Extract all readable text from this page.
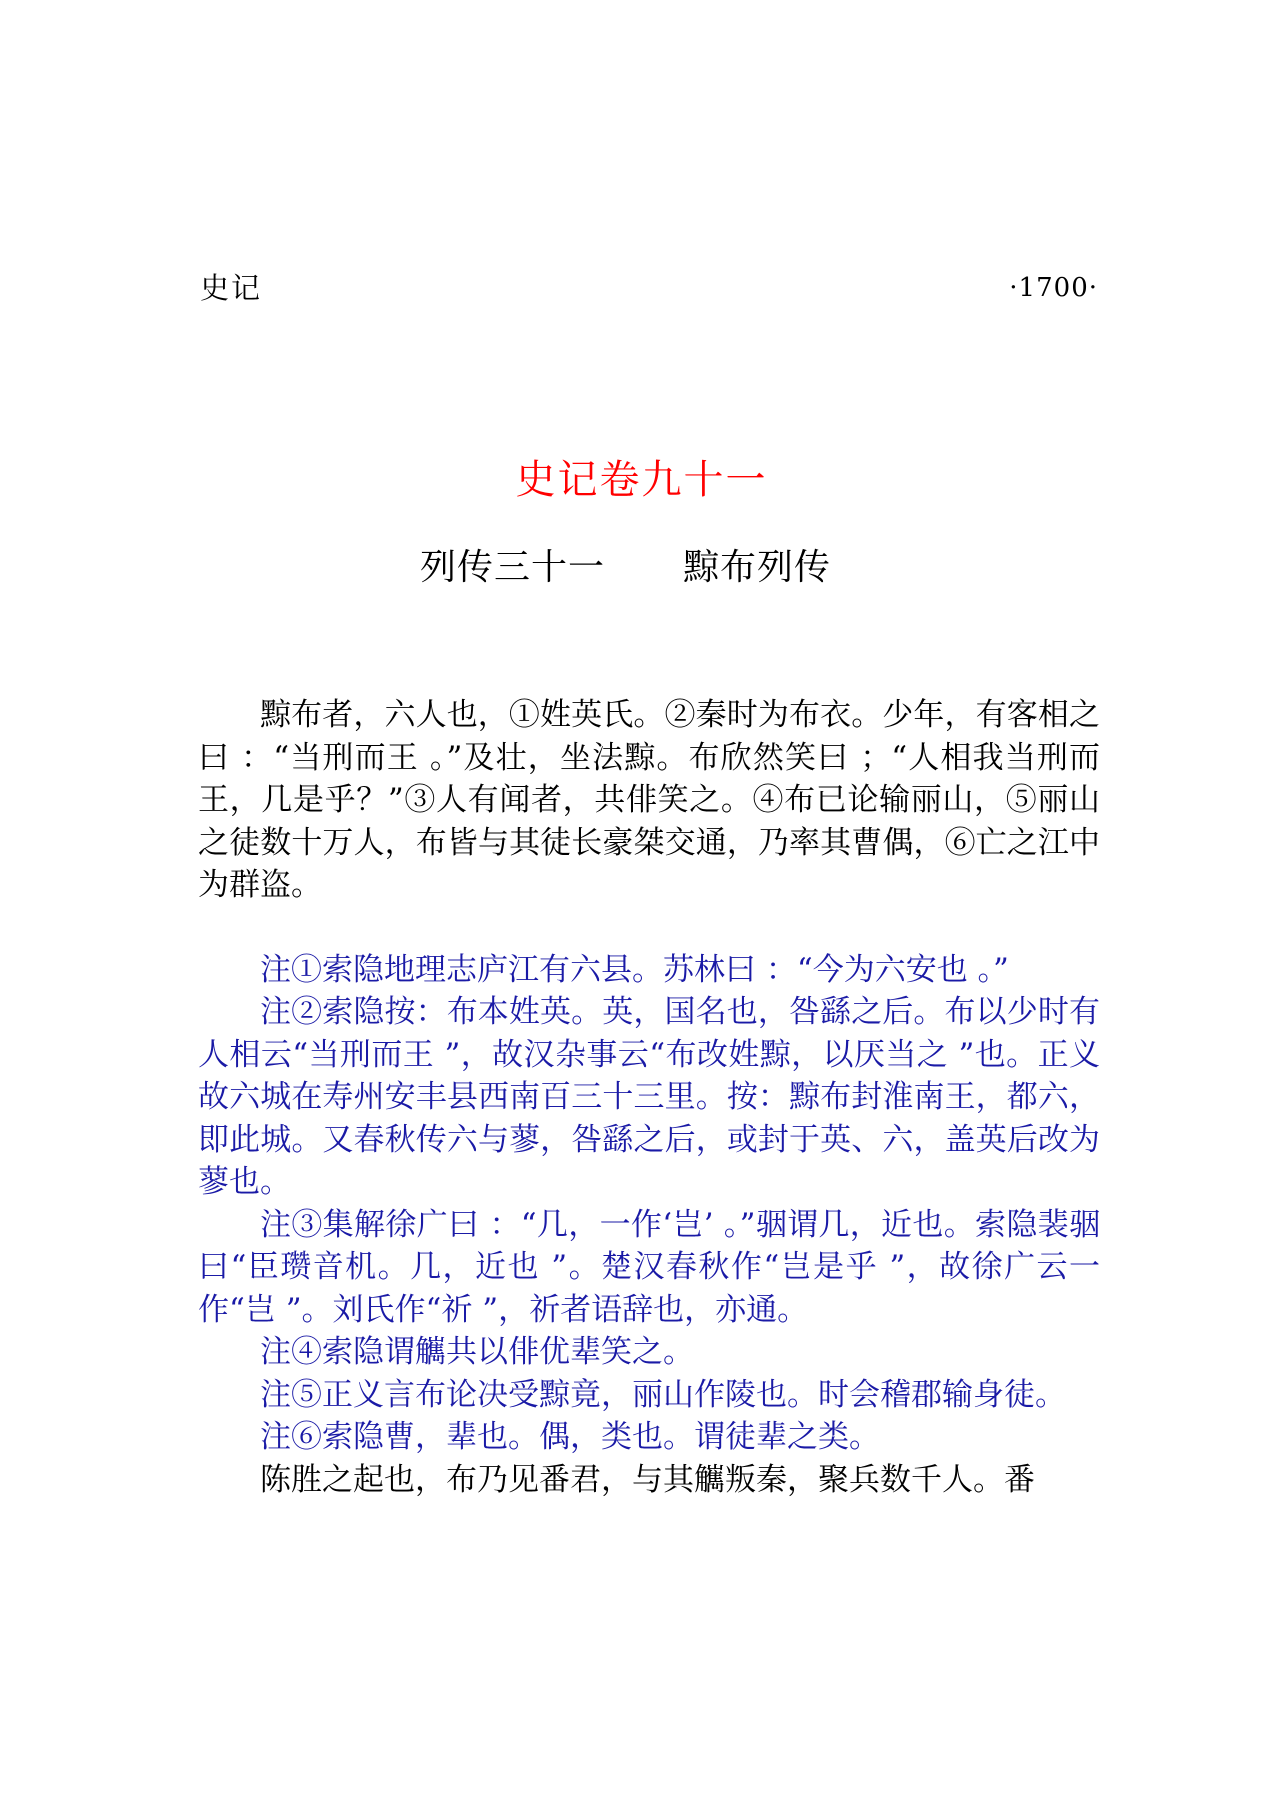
史记	·1700·
史记卷九十一
列传三十一 黥布列传

黥布者，六人也，①姓英氏。②秦时为布衣。少年，有客相之曰 ：“当刑而王 。”及壮，坐法黥。布欣然笑曰 ；“人相我当刑而王，几是乎？”③人有闻者，共俳笑之。④布已论输丽山，⑤丽山之徒数十万人，布皆与其徒长豪桀交通，乃率其曹偶，⑥亡之江中为群盗。

注①索隐地理志庐江有六县。苏林曰 ：“今为六安也 。”

注②索隐按：布本姓英。英，国名也，咎繇之后。布以少时有人相云“当刑而王 ”，故汉杂事云“布改姓黥，以厌当之 ”也。正义故六城在寿州安丰县西南百三十三里。按：黥布封淮南王，都六，即此城。又春秋传六与蓼，咎繇之后，或封于英、六，盖英后改为蓼也。

注③集解徐广曰 ：“几，一作‘岂’ 。”骃谓几，近也。索隐裴骃曰“臣瓒音机。几，近也 ”。楚汉春秋作“岂是乎 ”，故徐广云一作“岂 ”。刘氏作“祈 ”，祈者语辞也，亦通。

注④索隐谓觽共以俳优辈笑之。

注⑤正义言布论决受黥竟，丽山作陵也。时会稽郡输身徒。

注⑥索隐曹，辈也。偶，类也。谓徒辈之类。

陈胜之起也，布乃见番君，与其觽叛秦，聚兵数千人。番
